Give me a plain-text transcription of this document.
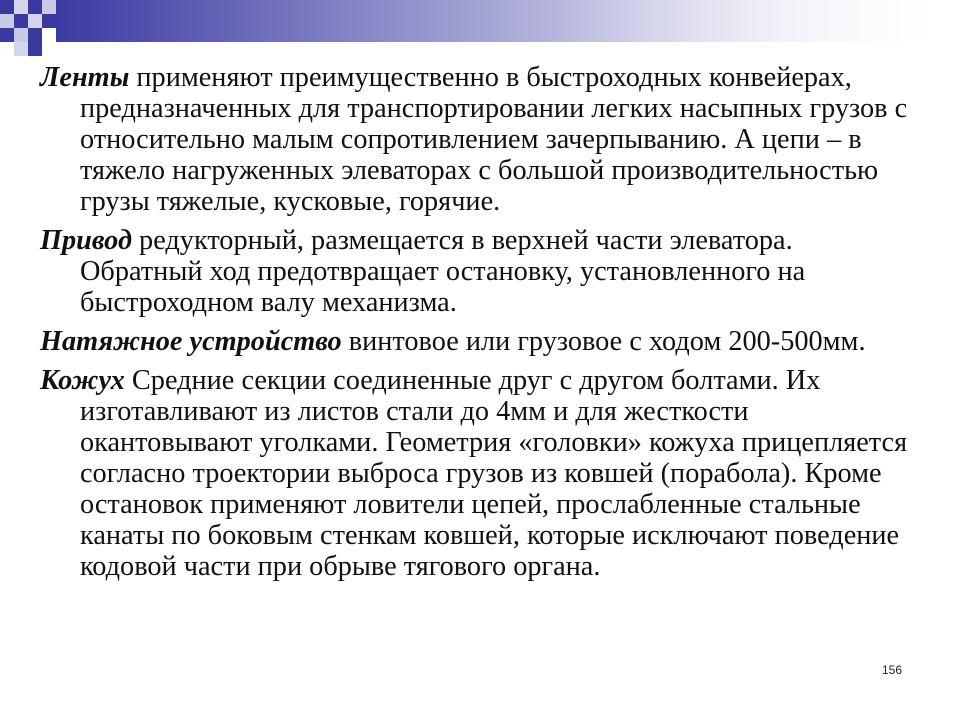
Ленты применяют преимущественно в быстроходных конвейерах, предназначенных для транспортировании легких насыпных грузов с относительно малым сопротивлением зачерпыванию. А цепи – в тяжело нагруженных элеваторах с большой производительностью грузы тяжелые, кусковые, горячие.

Привод редукторный, размещается в верхней части элеватора. Обратный ход предотвращает остановку, установленного на быстроходном валу механизма.

Натяжное устройство винтовое или грузовое с ходом 200-500мм.

Кожух Средние секции соединенные друг с другом болтами. Их изготавливают из листов стали до 4мм и для жесткости окантовывают уголками. Геометрия «головки» кожуха прицепляется согласно троектории выброса грузов из ковшей (порабола). Кроме остановок применяют ловители цепей, прослабленные стальные канаты по боковым стенкам ковшей, которые исключают поведение кодовой части при обрыве тягового органа.

156
